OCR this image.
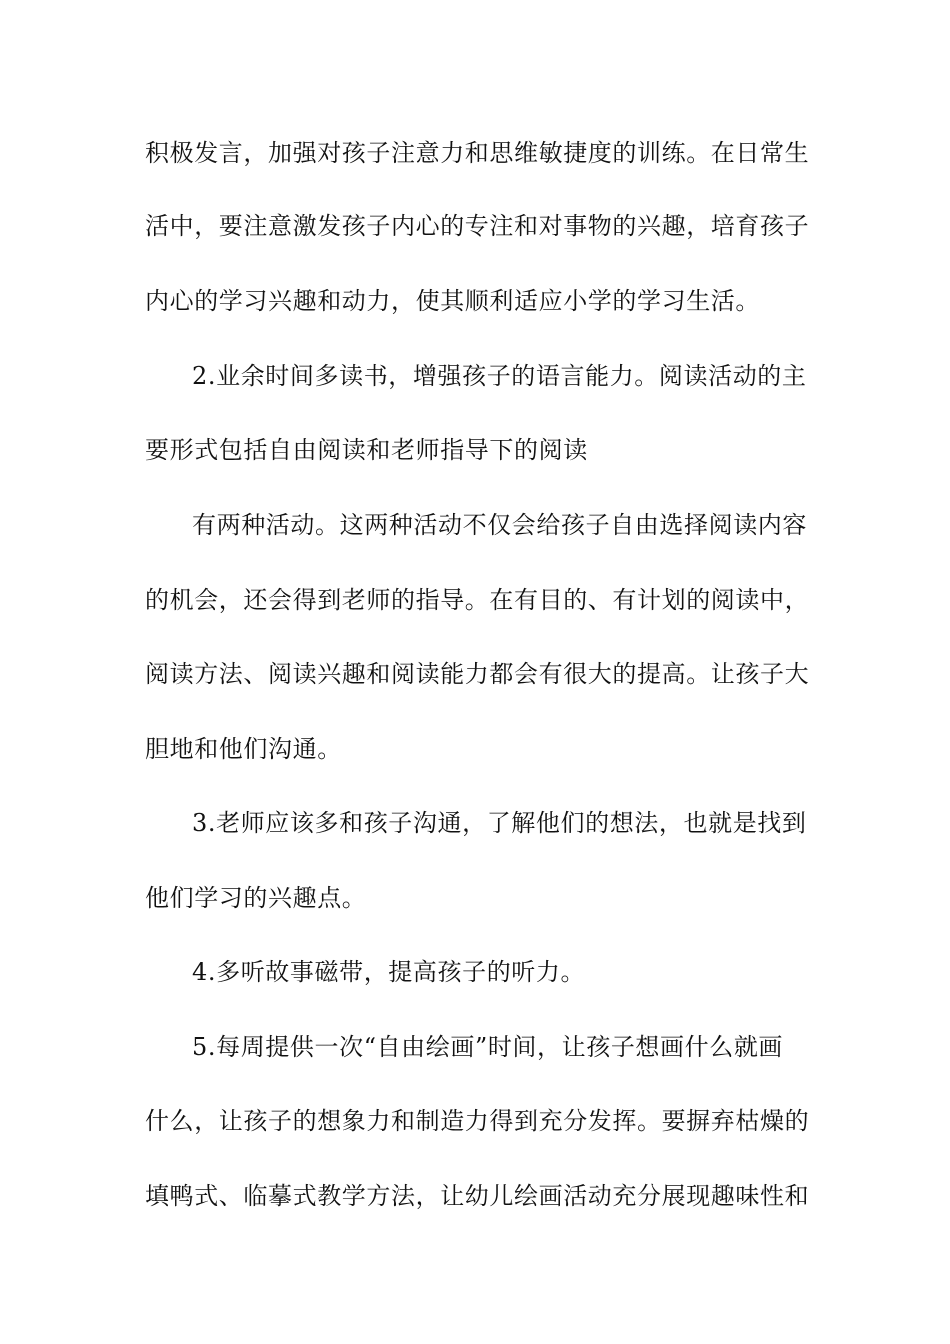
积极发言，加强对孩子注意力和思维敏捷度的训练。在日常生
活中，要注意激发孩子内心的专注和对事物的兴趣，培育孩子
内心的学习兴趣和动力，使其顺利适应小学的学习生活。
2.业余时间多读书，增强孩子的语言能力。阅读活动的主
要形式包括自由阅读和老师指导下的阅读
有两种活动。这两种活动不仅会给孩子自由选择阅读内容
的机会，还会得到老师的指导。在有目的、有计划的阅读中，
阅读方法、阅读兴趣和阅读能力都会有很大的提高。让孩子大
胆地和他们沟通。
3.老师应该多和孩子沟通，了解他们的想法，也就是找到
他们学习的兴趣点。
4.多听故事磁带，提高孩子的听力。
5.每周提供一次“自由绘画”时间，让孩子想画什么就画
什么，让孩子的想象力和制造力得到充分发挥。要摒弃枯燥的
填鸭式、临摹式教学方法，让幼儿绘画活动充分展现趣味性和
